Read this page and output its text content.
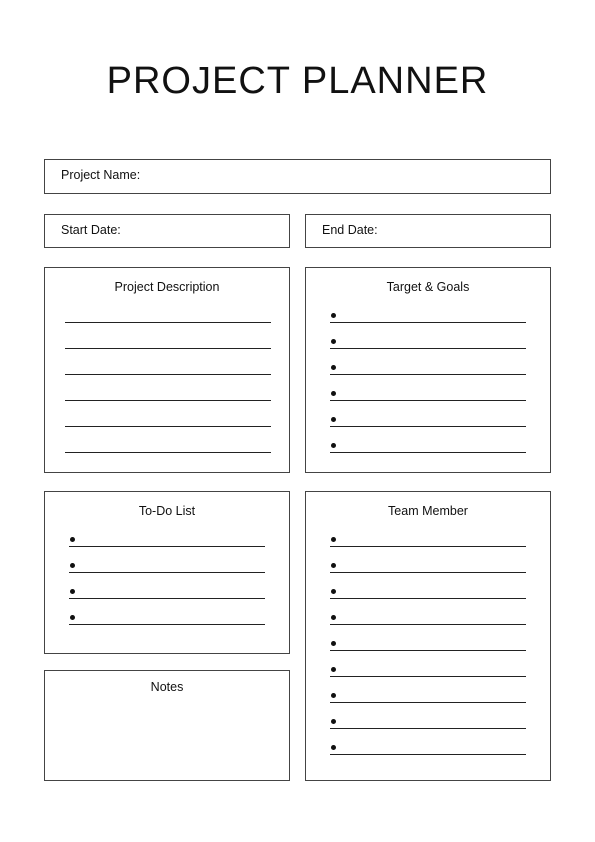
PROJECT PLANNER
Project Name:
Start Date:	End Date:
Project Description	Target & Goals
To-Do List	Team Member
Notes
